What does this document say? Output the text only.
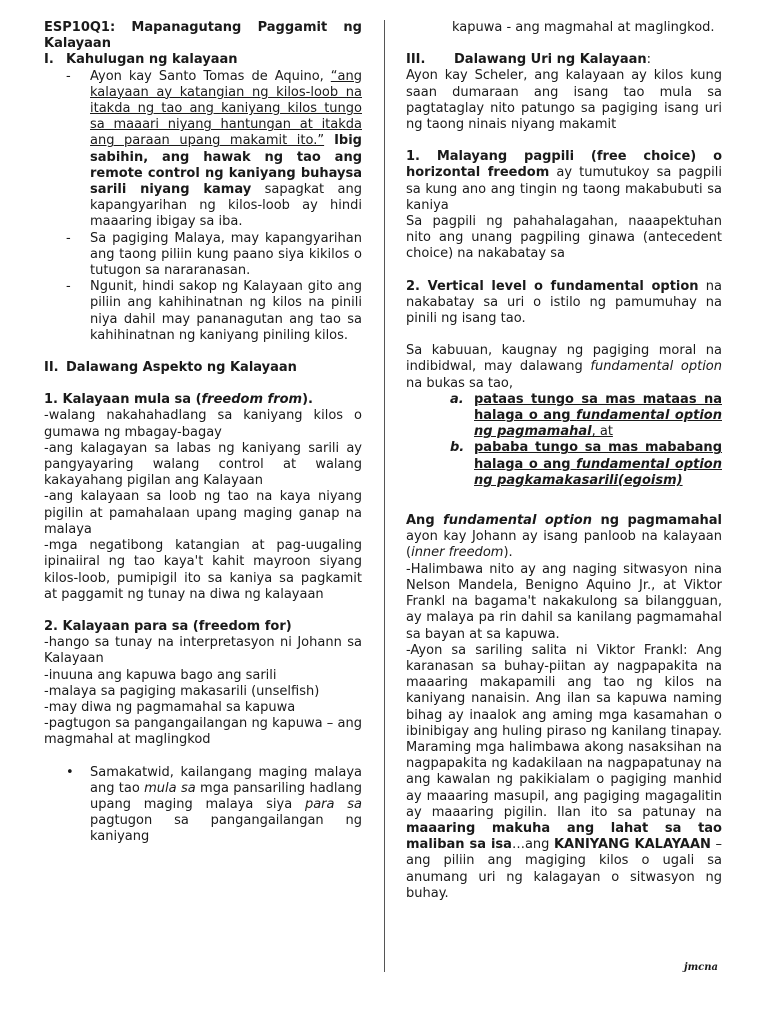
ESP10Q1: Mapanagutang Paggamit ng Kalayaan

I. Kahulugan ng kalayaan
-	Ayon kay Santo Tomas de Aquino, “ang kalayaan ay katangian ng kilos-loob na itakda ng tao ang kaniyang kilos tungo sa maaari niyang hantungan at itakda ang paraan upang makamit ito.” Ibig sabihin, ang hawak ng tao ang remote control ng kaniyang buhaysa sarili niyang kamay sapagkat ang kapangyarihan ng kilos-loob ay hindi maaaring ibigay sa iba.
-	Sa pagiging Malaya, may kapangyarihan ang taong piliin kung paano siya kikilos o tutugon sa nararanasan.
-	Ngunit, hindi sakop ng Kalayaan gito ang piliin ang kahihinatnan ng kilos na pinili niya dahil may pananagutan ang tao sa kahihinatnan ng kaniyang piniling kilos.
II. Dalawang Aspekto ng Kalayaan

1. Kalayaan mula sa (freedom from).

-walang nakahahadlang sa kaniyang kilos o gumawa ng mbagay-bagay

-ang kalagayan sa labas ng kaniyang sarili ay pangyayaring walang control at walang kakayahang pigilan ang Kalayaan

-ang kalayaan sa loob ng tao na kaya niyang pigilin at pamahalaan upang maging ganap na malaya

-mga negatibong katangian at pag-uugaling ipinaiiral ng tao kaya't kahit mayroon siyang kilos-loob, pumipigil ito sa kaniya sa pagkamit at paggamit ng tunay na diwa ng kalayaan

2. Kalayaan para sa (freedom for)

-hango sa tunay na interpretasyon ni Johann sa Kalayaan

-inuuna ang kapuwa bago ang sarili

-malaya sa pagiging makasarili (unselfish)

-may diwa ng pagmamahal sa kapuwa

-pagtugon sa pangangailangan ng kapuwa – ang magmahal at maglingkod

•	Samakatwid, kailangang maging malaya ang tao mula sa mga pansariling hadlang upang maging malaya siya para sa pagtugon sa pangangailangan ng kaniyang

kapuwa - ang magmahal at maglingkod.

III.	Dalawang Uri ng Kalayaan:

Ayon kay Scheler, ang kalayaan ay kilos kung saan dumaraan ang isang tao mula sa pagtataglay nito patungo sa pagiging isang uri ng taong ninais niyang makamit

1. Malayang pagpili (free choice) o horizontal freedom ay tumutukoy sa pagpili sa kung ano ang tingin ng taong makabubuti sa kaniya

Sa pagpili ng pahahalagahan, naaapektuhan nito ang unang pagpiling ginawa (antecedent choice) na nakabatay sa

2. Vertical level o fundamental option na nakabatay sa uri o istilo ng pamumuhay na pinili ng isang tao.

Sa kabuuan, kaugnay ng pagiging moral na indibidwal, may dalawang fundamental option na bukas sa tao,

a. pataas tungo sa mas mataas na halaga o ang fundamental option ng pagmamahal, at
b. pababa tungo sa mas mababang halaga o ang fundamental option ng pagkamakasarili(egoism)

Ang fundamental option ng pagmamahal ayon kay Johann ay isang panloob na kalayaan (inner freedom).

-Halimbawa nito ay ang naging sitwasyon nina Nelson Mandela, Benigno Aquino Jr., at Viktor Frankl na bagama't nakakulong sa bilangguan, ay malaya pa rin dahil sa kanilang pagmamahal sa bayan at sa kapuwa.

-Ayon sa sariling salita ni Viktor Frankl: Ang karanasan sa buhay-piitan ay nagpapakita na maaaring makapamili ang tao ng kilos na kaniyang nanaisin. Ang ilan sa kapuwa naming bihag ay inaalok ang aming mga kasamahan o ibinibigay ang huling piraso ng kanilang tinapay. Maraming mga halimbawa akong nasaksihan na nagpapakita ng kadakilaan na nagpapatunay na ang kawalan ng pakikialam o pagiging manhid ay maaaring masupil, ang pagiging magagalitin ay maaaring pigilin. Ilan ito sa patunay na maaaring makuha ang lahat sa tao maliban sa isa…ang KANIYANG KALAYAAN – ang piliin ang magiging kilos o ugali sa anumang uri ng kalagayan o sitwasyon ng buhay.

jmcna
